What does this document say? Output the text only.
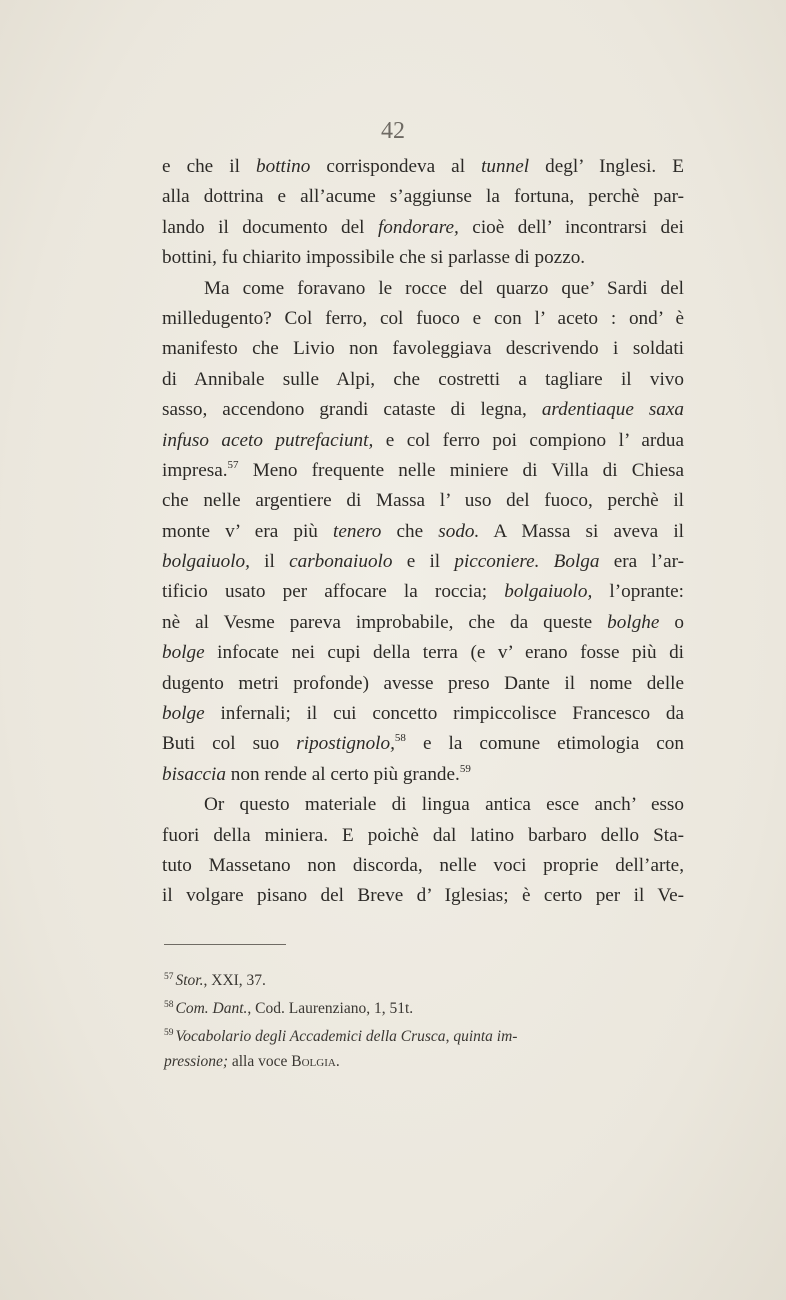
42
e che il bottino corrispondeva al tunnel degl’ Inglesi. E
alla dottrina e all’acume s’aggiunse la fortuna, perchè par-
lando il documento del fondorare, cioè dell’ incontrarsi dei
bottini, fu chiarito impossibile che si parlasse di pozzo.
Ma come foravano le rocce del quarzo que’ Sardi del
milledugento? Col ferro, col fuoco e con l’ aceto : ond’ è
manifesto che Livio non favoleggiava descrivendo i soldati
di Annibale sulle Alpi, che costretti a tagliare il vivo
sasso, accendono grandi cataste di legna, ardentiaque saxa
infuso aceto putrefaciunt, e col ferro poi compiono l’ ardua
impresa.$^{57}$ Meno frequente nelle miniere di Villa di Chiesa
che nelle argentiere di Massa l’ uso del fuoco, perchè il
monte v’ era più tenero che sodo. A Massa si aveva il
bolgaiuolo, il carbonaiuolo e il picconiere. Bolga era l’ar-
tificio usato per affocare la roccia; bolgaiuolo, l’oprante:
nè al Vesme pareva improbabile, che da queste bolghe o
bolge infocate nei cupi della terra (e v’ erano fosse più di
dugento metri profonde) avesse preso Dante il nome delle
bolge infernali; il cui concetto rimpiccolisce Francesco da
Buti col suo ripostignolo,$^{58}$ e la comune etimologia con
bisaccia non rende al certo più grande.$^{59}$
Or questo materiale di lingua antica esce anch’ esso
fuori della miniera. E poichè dal latino barbaro dello Sta-
tuto Massetano non discorda, nelle voci proprie dell’arte,
il volgare pisano del Breve d’ Iglesias; è certo per il Ve-
$^{57}$ Stor., XXI, 37.
$^{58}$ Com. Dant., Cod. Laurenziano, 1, 51t.
$^{59}$ Vocabolario degli Accademici della Crusca, quinta im-
pressione; alla voce Bolgia.
